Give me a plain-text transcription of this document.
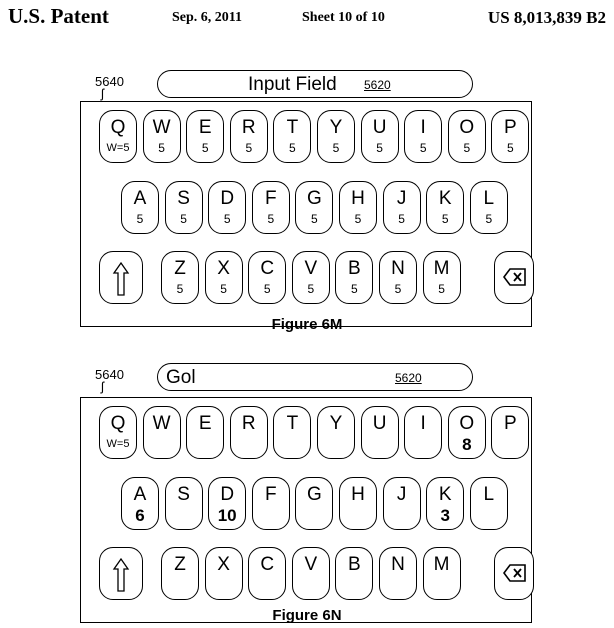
U.S. Patent	Sep. 6, 2011	Sheet 10 of 10	US 8,013,839 B2
5640
ʃ	Input Field 5620
Q
W=5
W
5
E
5
R
5
T
5
Y
5
U
5
I
5
O
5
P
5
A
5
S
5
D
5
F
5
G
5
H
5
J
5
K
5
L
5
Z
5
X
5
C
5
V
5
B
5
N
5
M
5
Figure 6M
5640
ʃ	Gol	5620
Q
W=5
W	E	R	T	Y	U	I	O
8
P
A
6
S	D
10
F	G	H	J	K
3
L
Z	X	C	V	B	N	M
Figure 6N
